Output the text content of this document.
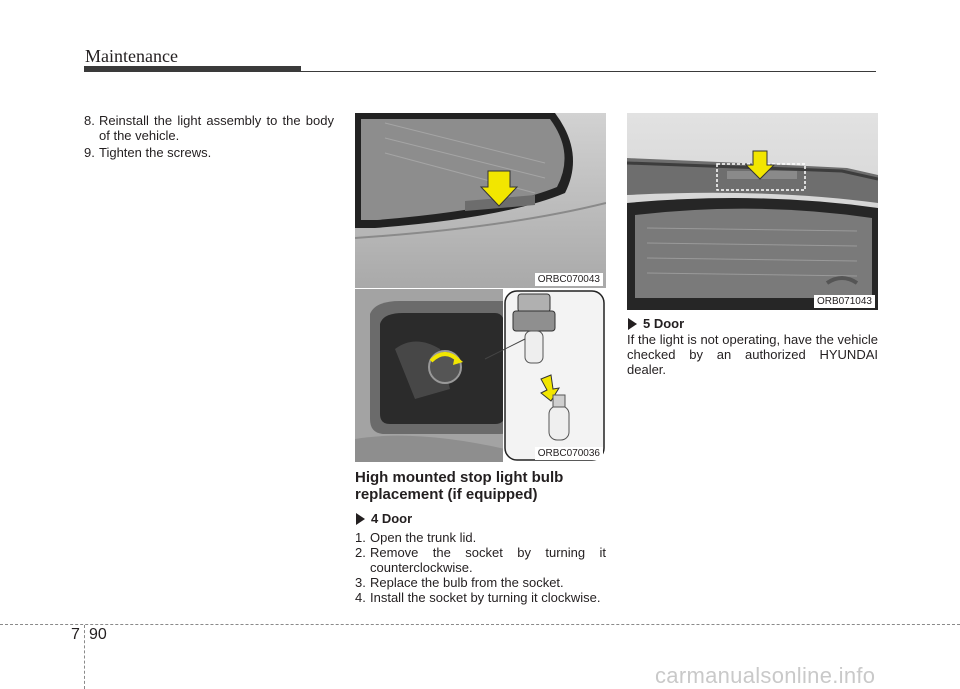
Maintenance
8. Reinstall the light assembly to the body of the vehicle.
9. Tighten the screws.
ORBC070043
ORBC070036
High mounted stop light bulb replacement (if equipped)
4 Door
1. Open the trunk lid.
2. Remove the socket by turning it counterclockwise.
3. Replace the bulb from the socket.
4. Install the socket by turning it clockwise.
ORB071043
5 Door
If the light is not operating, have the vehicle checked by an authorized HYUNDAI dealer.
7 90
carmanualsonline.info
